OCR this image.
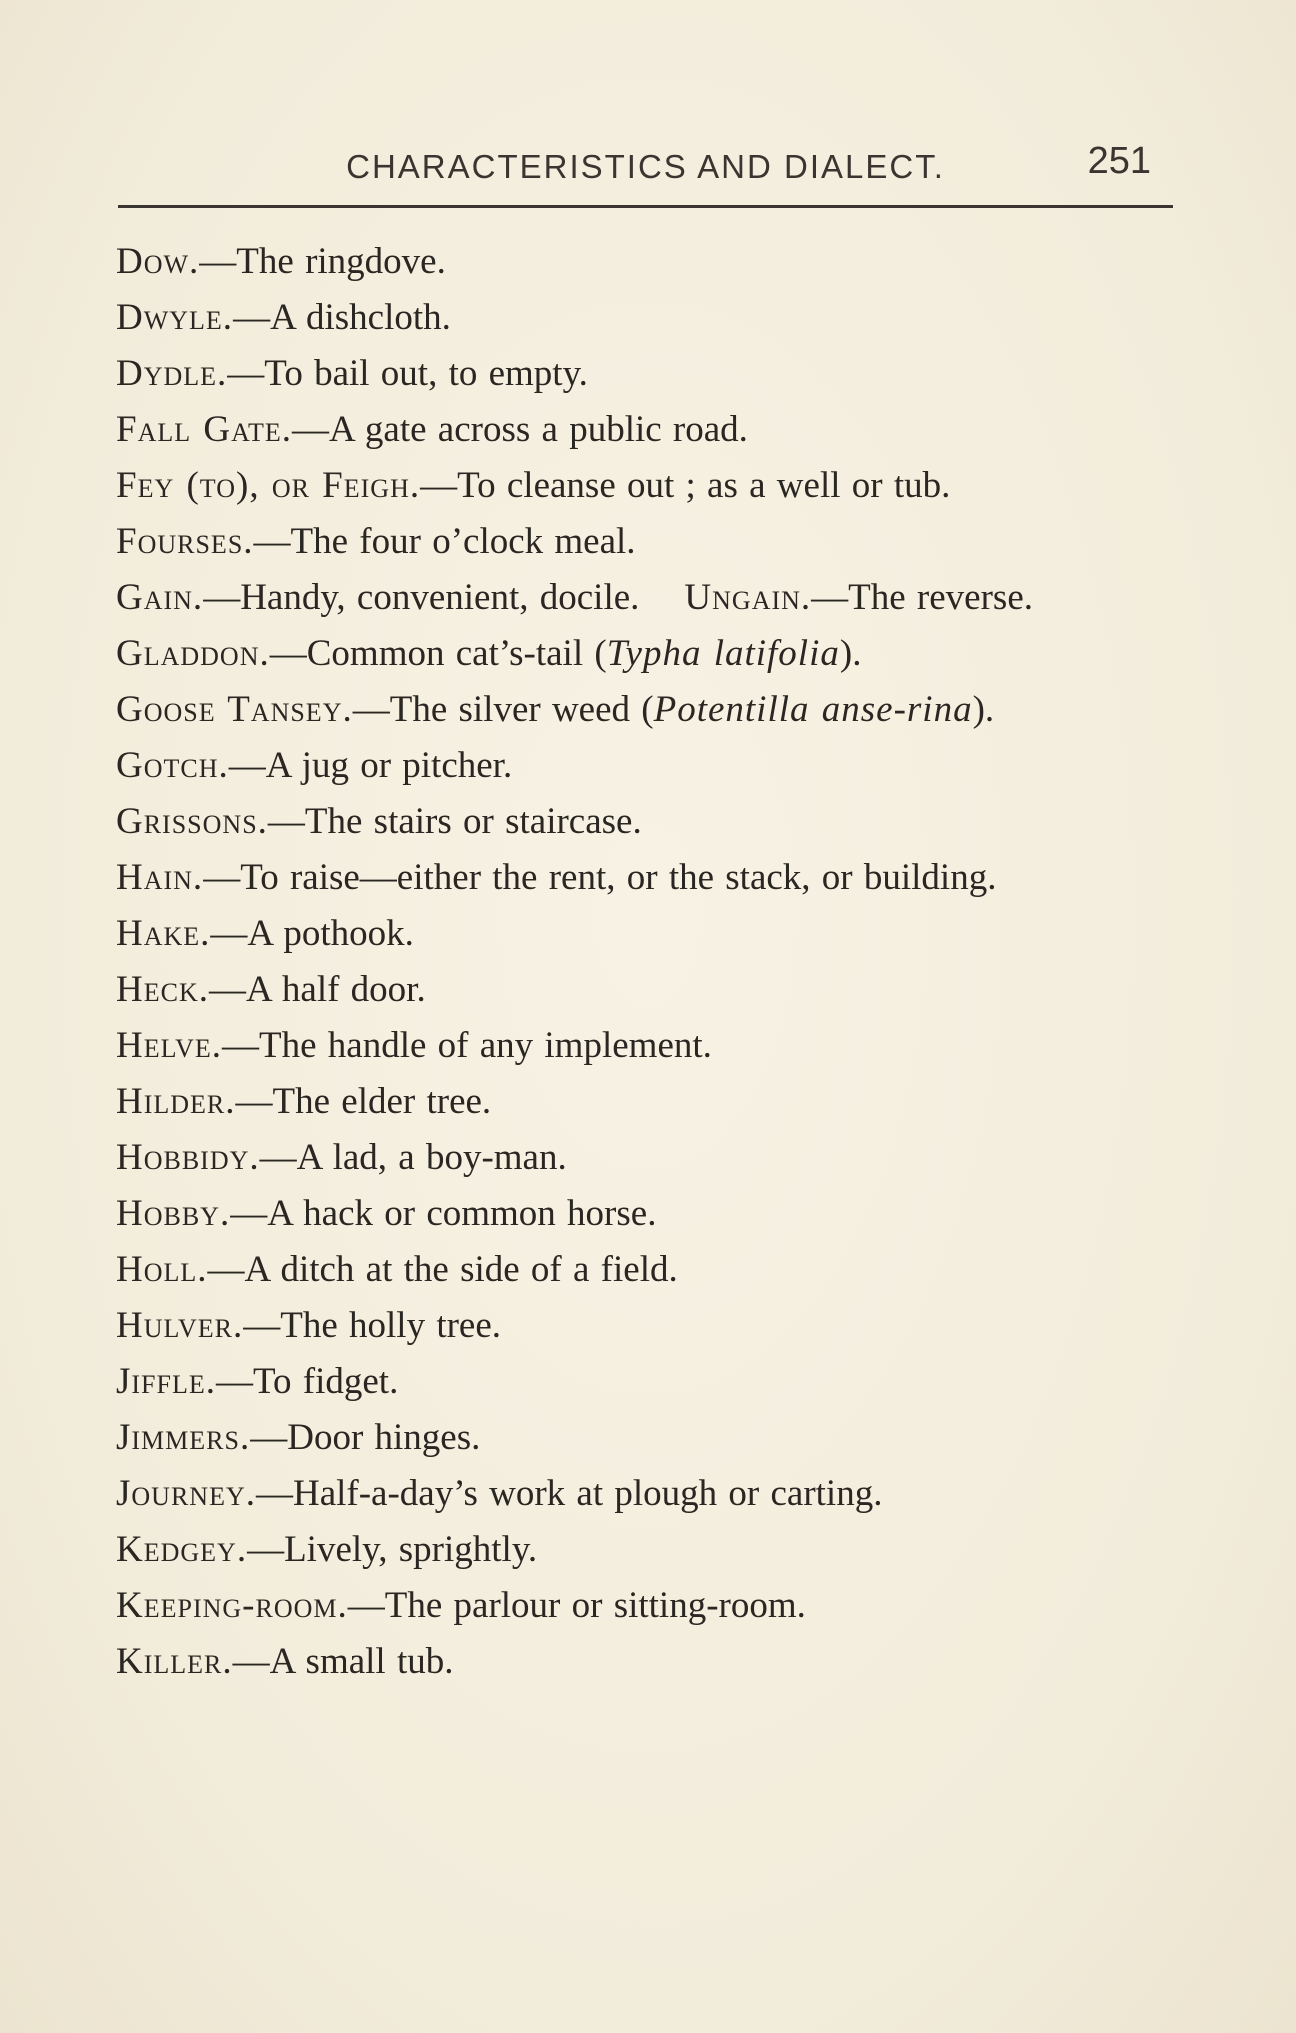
CHARACTERISTICS AND DIALECT.	251
Dow.—The ringdove.
Dwyle.—A dishcloth.
Dydle.—To bail out, to empty.
Fall Gate.—A gate across a public road.
Fey (to), or Feigh.—To cleanse out ; as a well or tub.
Fourses.—The four o’clock meal.
Gain.—Handy, convenient, docile. Ungain.—The reverse.
Gladdon.—Common cat’s-tail (Typha latifolia).
Goose Tansey.—The silver weed (Potentilla anse-rina).
Gotch.—A jug or pitcher.
Grissons.—The stairs or staircase.
Hain.—To raise—either the rent, or the stack, or building.
Hake.—A pothook.
Heck.—A half door.
Helve.—The handle of any implement.
Hilder.—The elder tree.
Hobbidy.—A lad, a boy-man.
Hobby.—A hack or common horse.
Holl.—A ditch at the side of a field.
Hulver.—The holly tree.
Jiffle.—To fidget.
Jimmers.—Door hinges.
Journey.—Half-a-day’s work at plough or carting.
Kedgey.—Lively, sprightly.
Keeping-room.—The parlour or sitting-room.
Killer.—A small tub.
